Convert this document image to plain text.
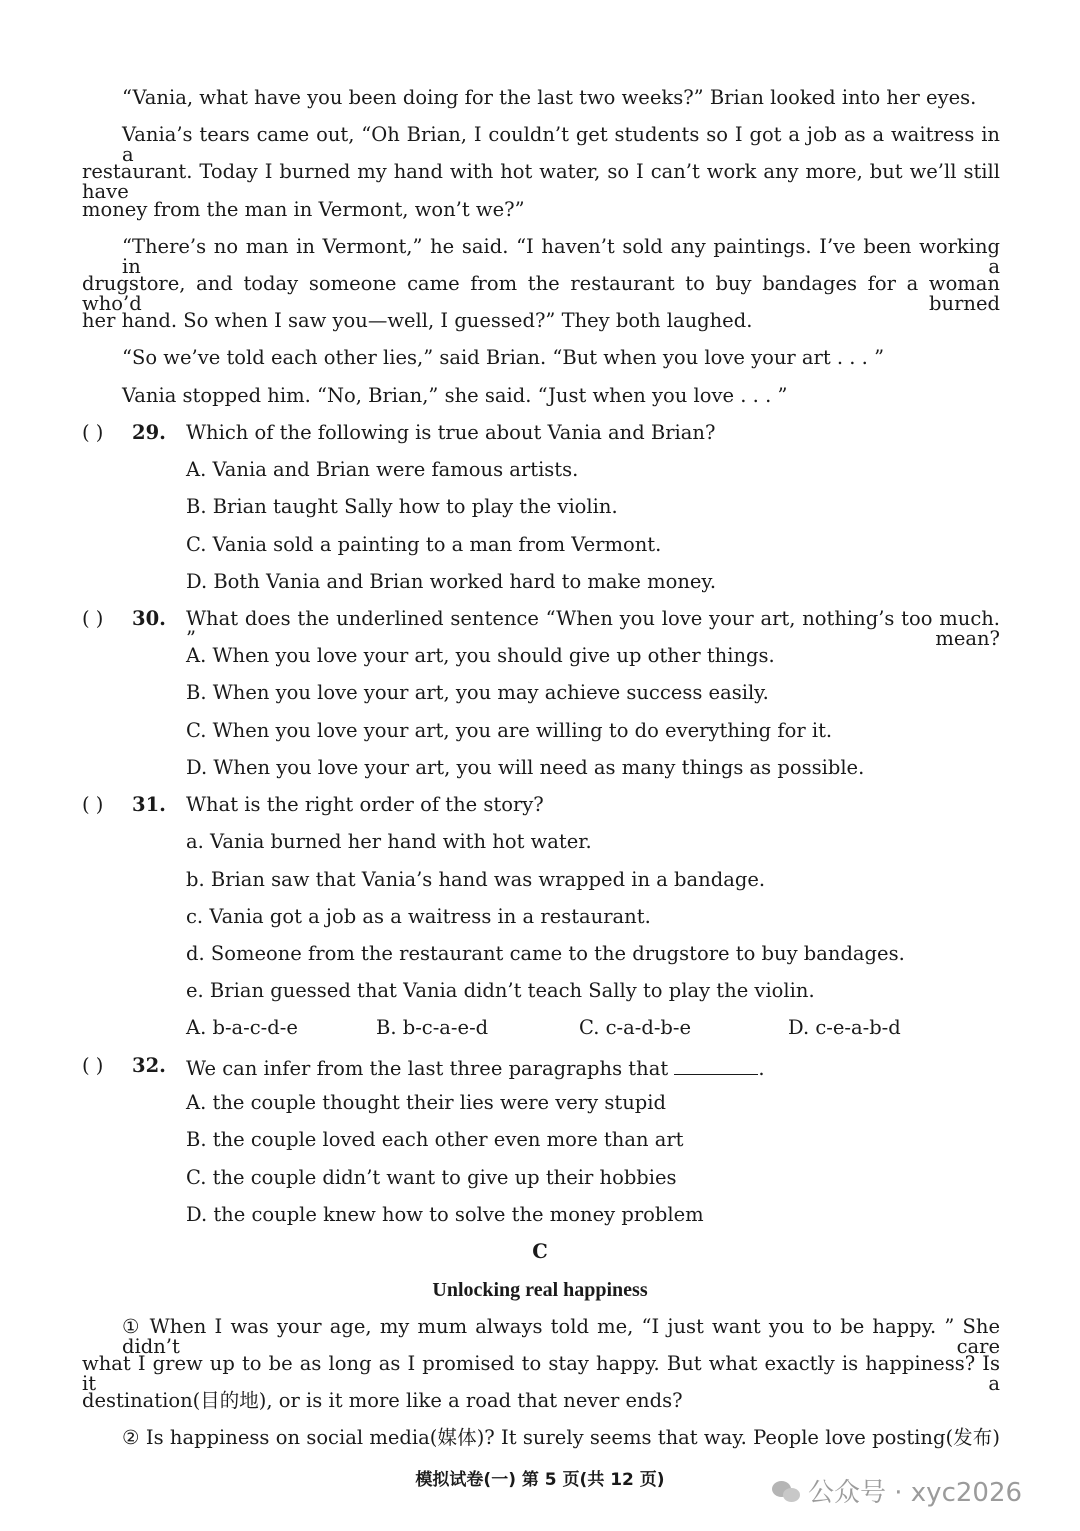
“Vania, what have you been doing for the last two weeks?” Brian looked into her eyes.
Vania’s tears came out, “Oh Brian, I couldn’t get students so I got a job as a waitress in a
restaurant. Today I burned my hand with hot water, so I can’t work any more, but we’ll still have
money from the man in Vermont, won’t we?”
“There’s no man in Vermont,” he said. “I haven’t sold any paintings. I’ve been working in a
drugstore, and today someone came from the restaurant to buy bandages for a woman who’d burned
her hand. So when I saw you—well, I guessed?” They both laughed.
“So we’ve told each other lies,” said Brian. “But when you love your art . . . ”
Vania stopped him. “No, Brian,” she said. “Just when you love . . . ”
( ) 29. Which of the following is true about Vania and Brian?
A. Vania and Brian were famous artists.
B. Brian taught Sally how to play the violin.
C. Vania sold a painting to a man from Vermont.
D. Both Vania and Brian worked hard to make money.
( ) 30. What does the underlined sentence “When you love your art, nothing’s too much. ” mean?
A. When you love your art, you should give up other things.
B. When you love your art, you may achieve success easily.
C. When you love your art, you are willing to do everything for it.
D. When you love your art, you will need as many things as possible.
( ) 31. What is the right order of the story?
a. Vania burned her hand with hot water.
b. Brian saw that Vania’s hand was wrapped in a bandage.
c. Vania got a job as a waitress in a restaurant.
d. Someone from the restaurant came to the drugstore to buy bandages.
e. Brian guessed that Vania didn’t teach Sally to play the violin.
A. b-a-c-d-e	B. b-c-a-e-d	C. c-a-d-b-e	D. c-e-a-b-d
( ) 32. We can infer from the last three paragraphs that	.
A. the couple thought their lies were very stupid
B. the couple loved each other even more than art
C. the couple didn’t want to give up their hobbies
D. the couple knew how to solve the money problem
C
Unlocking real happiness
① When I was your age, my mum always told me, “I just want you to be happy. ” She didn’t care
what I grew up to be as long as I promised to stay happy. But what exactly is happiness? Is it a
destination(目的地), or is it more like a road that never ends?
② Is happiness on social media(媒体)? It surely seems that way. People love posting(发布)
模拟试卷(一) 第 5 页(共 12 页)	公众号 · xyc2026
